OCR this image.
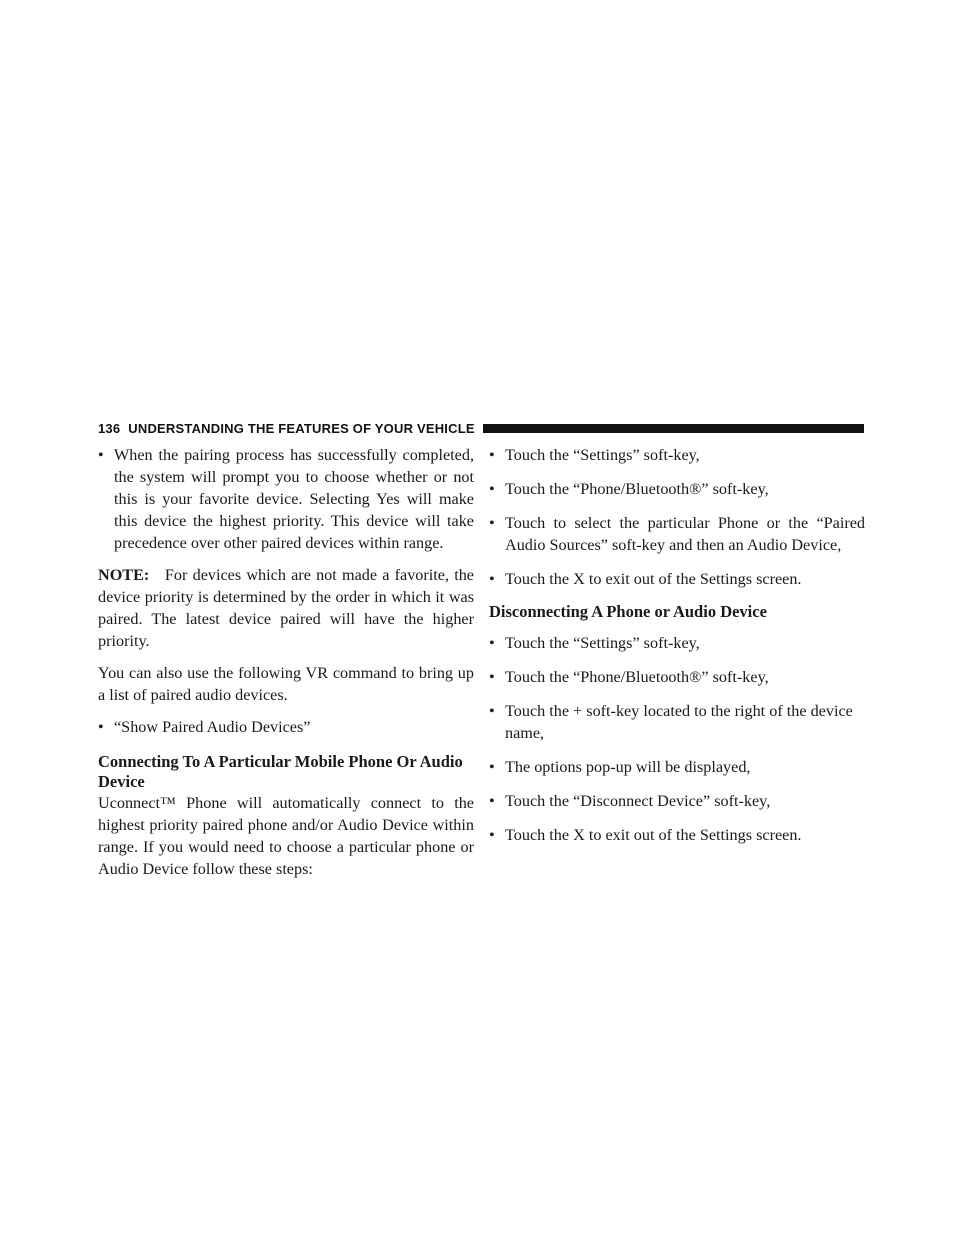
136 UNDERSTANDING THE FEATURES OF YOUR VEHICLE

• When the pairing process has successfully completed, the system will prompt you to choose whether or not this is your favorite device. Selecting Yes will make this device the highest priority. This device will take precedence over other paired devices within range.

NOTE: For devices which are not made a favorite, the device priority is determined by the order in which it was paired. The latest device paired will have the higher priority.

You can also use the following VR command to bring up a list of paired audio devices.

• “Show Paired Audio Devices”

Connecting To A Particular Mobile Phone Or Audio Device

Uconnect™ Phone will automatically connect to the highest priority paired phone and/or Audio Device within range. If you would need to choose a particular phone or Audio Device follow these steps:

• Touch the “Settings” soft-key,

• Touch the “Phone/Bluetooth®” soft-key,

• Touch to select the particular Phone or the “Paired Audio Sources” soft-key and then an Audio Device,

• Touch the X to exit out of the Settings screen.

Disconnecting A Phone or Audio Device

• Touch the “Settings” soft-key,

• Touch the “Phone/Bluetooth®” soft-key,

• Touch the + soft-key located to the right of the device name,

• The options pop-up will be displayed,

• Touch the “Disconnect Device” soft-key,

• Touch the X to exit out of the Settings screen.
